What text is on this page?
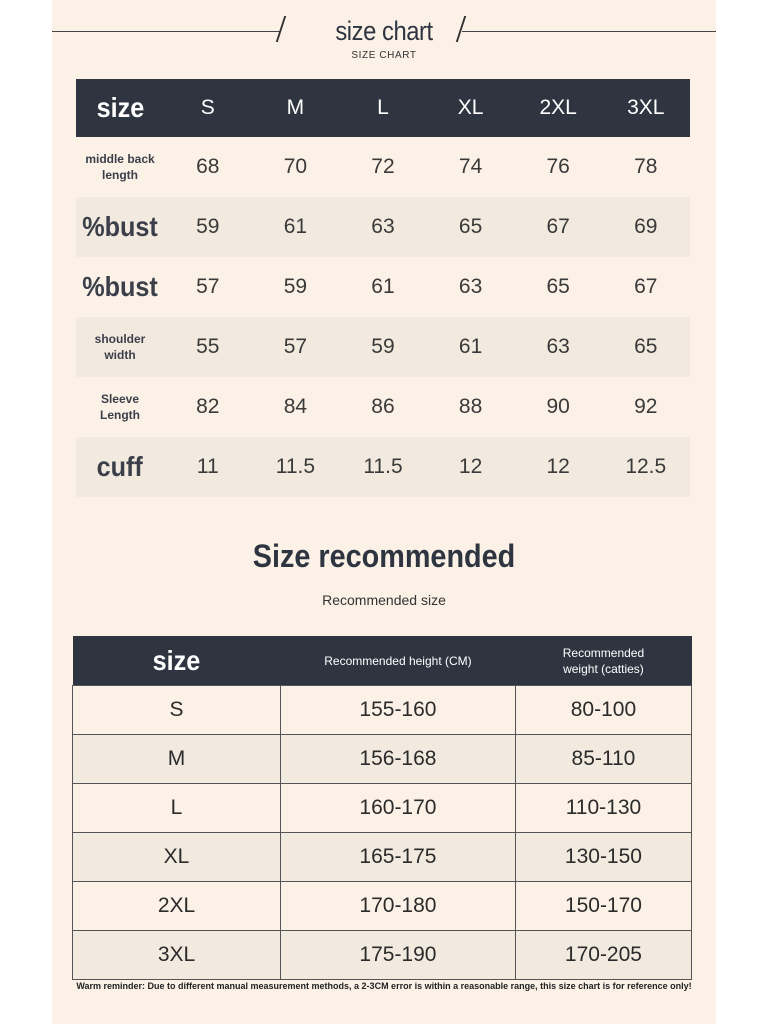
size chart
SIZE CHART
size	S	M	L	XL	2XL	3XL
middle back length	68	70	72	74	76	78
%bust	59	61	63	65	67	69
%bust	57	59	61	63	65	67
shoulder width	55	57	59	61	63	65
Sleeve Length	82	84	86	88	90	92
cuff	11	11.5	11.5	12	12	12.5
Size recommended
Recommended size
size	Recommended height (CM)	Recommended weight (catties)

S	155-160	80-100
M	156-168	85-110
L	160-170	110-130
XL	165-175	130-150
2XL	170-180	150-170
3XL	175-190	170-205
Warm reminder: Due to different manual measurement methods, a 2-3CM error is within a reasonable range, this size chart is for reference only!
